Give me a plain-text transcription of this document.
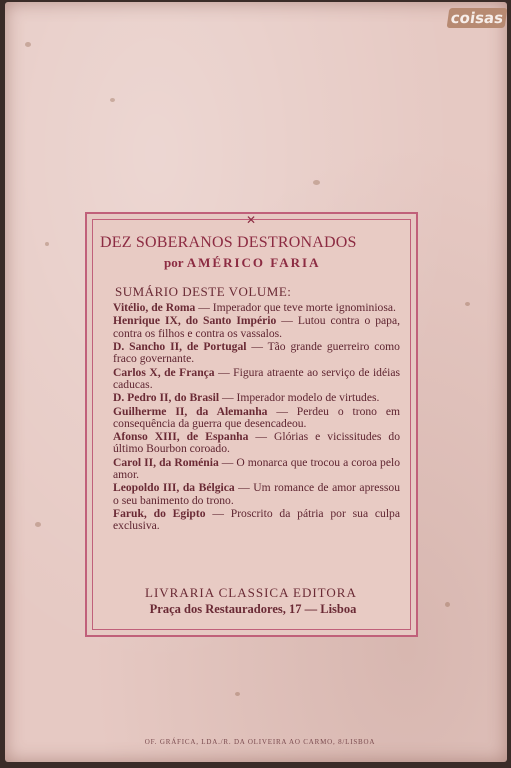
coisas
✕
DEZ SOBERANOS DESTRONADOS
por AMÉRICO FARIA
SUMÁRIO DESTE VOLUME:
Vitélio, de Roma — Imperador que teve morte ignominiosa.
Henrique IX, do Santo Império — Lutou contra o papa, contra os filhos e contra os vassalos.
D. Sancho II, de Portugal — Tão grande guerreiro como fraco governante.
Carlos X, de França — Figura atraente ao serviço de idéias caducas.
D. Pedro II, do Brasil — Imperador modelo de virtudes.
Guilherme II, da Alemanha — Perdeu o trono em consequência da guerra que desencadeou.
Afonso XIII, de Espanha — Glórias e vicissitudes do último Bourbon coroado.
Carol II, da Roménia — O monarca que trocou a coroa pelo amor.
Leopoldo III, da Bélgica — Um romance de amor apressou o seu banimento do trono.
Faruk, do Egipto — Proscrito da pátria por sua culpa exclusiva.
LIVRARIA CLASSICA EDITORA
Praça dos Restauradores, 17 — Lisboa
OF. GRÁFICA, LDA./R. DA OLIVEIRA AO CARMO, 8/LISBOA
